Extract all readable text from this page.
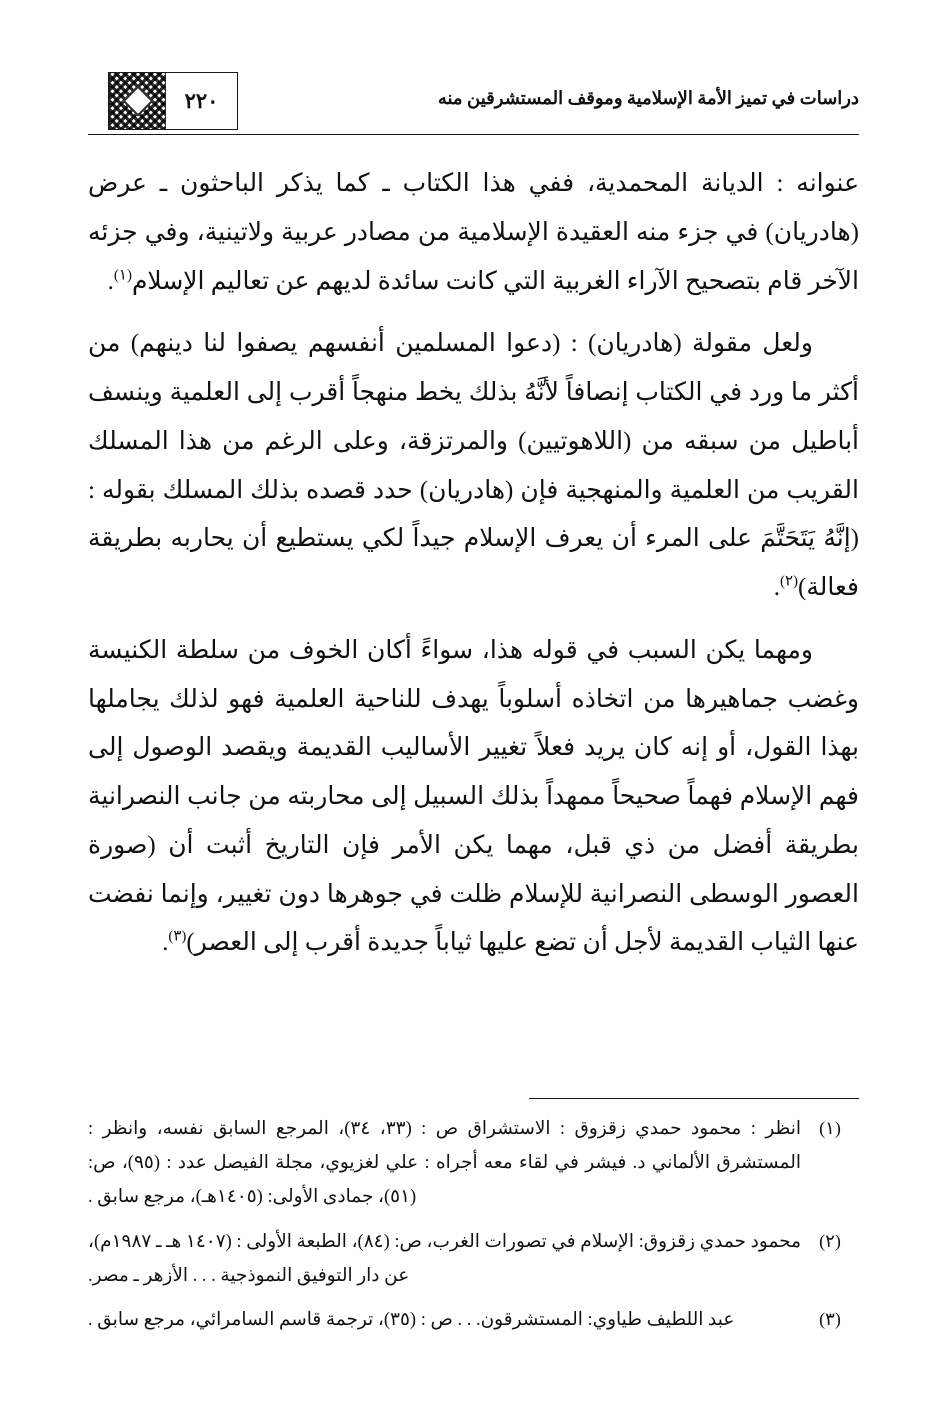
دراسات في تميز الأمة الإسلامية وموقف المستشرقين منه
٢٢٠

عنوانه : الديانة المحمدية، ففي هذا الكتاب ـ كما يذكر الباحثون ـ عرض (هادريان) في جزء منه العقيدة الإسلامية من مصادر عربية ولاتينية، وفي جزئه الآخر قام بتصحيح الآراء الغربية التي كانت سائدة لديهم عن تعاليم الإسلام$^{(١)}$.

ولعل مقولة (هادريان) : (دعوا المسلمين أنفسهم يصفوا لنا دينهم) من أكثر ما ورد في الكتاب إنصافاً لأنَّهُ بذلك يخط منهجاً أقرب إلى العلمية وينسف أباطيل من سبقه من (اللاهوتيين) والمرتزقة، وعلى الرغم من هذا المسلك القريب من العلمية والمنهجية فإن (هادريان) حدد قصده بذلك المسلك بقوله : (إنَّهُ يَتَحَتَّمَ على المرء أن يعرف الإسلام جيداً لكي يستطيع أن يحاربه بطريقة فعالة)$^{(٢)}$.

ومهما يكن السبب في قوله هذا، سواءً أكان الخوف من سلطة الكنيسة وغضب جماهيرها من اتخاذه أسلوباً يهدف للناحية العلمية فهو لذلك يجاملها بهذا القول، أو إنه كان يريد فعلاً تغيير الأساليب القديمة ويقصد الوصول إلى فهم الإسلام فهماً صحيحاً ممهداً بذلك السبيل إلى محاربته من جانب النصرانية بطريقة أفضل من ذي قبل، مهما يكن الأمر فإن التاريخ أثبت أن (صورة العصور الوسطى النصرانية للإسلام ظلت في جوهرها دون تغيير، وإنما نفضت عنها الثياب القديمة لأجل أن تضع عليها ثياباً جديدة أقرب إلى العصر)$^{(٣)}$.

(١)
انظر : محمود حمدي زقزوق : الاستشراق ص : (٣٣، ٣٤)، المرجع السابق نفسه، وانظر : المستشرق الألماني د. فيشر في لقاء معه أجراه : علي لغزيوي، مجلة الفيصل عدد : (٩٥)، ص: (٥١)، جمادى الأولى: (١٤٠٥هـ)، مرجع سابق .
(٢)
محمود حمدي زقزوق: الإسلام في تصورات الغرب، ص: (٨٤)، الطبعة الأولى : (١٤٠٧ هـ ـ ١٩٨٧م)، عن دار التوفيق النموذجية . . . الأزهر ـ مصر.
(٣)
عبد اللطيف طياوي: المستشرقون. . . ص : (٣٥)، ترجمة قاسم السامرائي، مرجع سابق .
